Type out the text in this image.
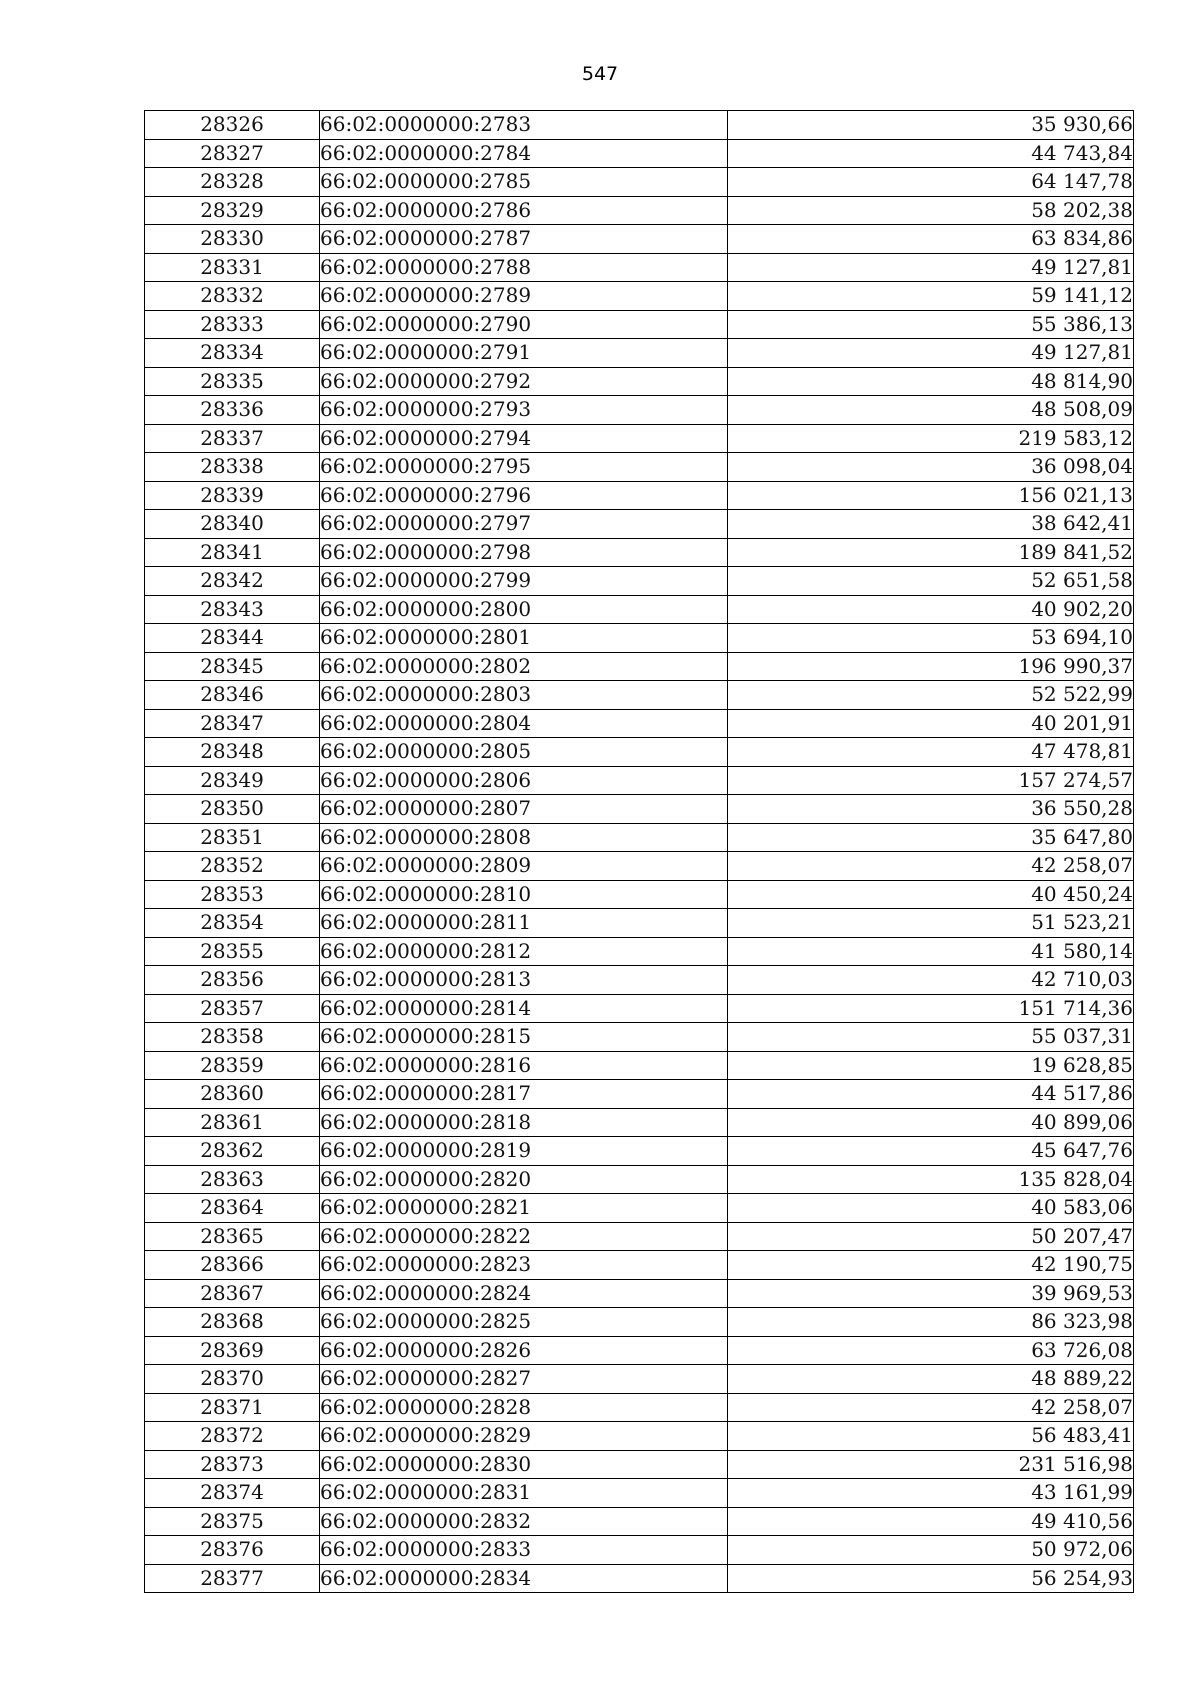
547
28326	66:02:0000000:2783	35 930,66
28327	66:02:0000000:2784	44 743,84
28328	66:02:0000000:2785	64 147,78
28329	66:02:0000000:2786	58 202,38
28330	66:02:0000000:2787	63 834,86
28331	66:02:0000000:2788	49 127,81
28332	66:02:0000000:2789	59 141,12
28333	66:02:0000000:2790	55 386,13
28334	66:02:0000000:2791	49 127,81
28335	66:02:0000000:2792	48 814,90
28336	66:02:0000000:2793	48 508,09
28337	66:02:0000000:2794	219 583,12
28338	66:02:0000000:2795	36 098,04
28339	66:02:0000000:2796	156 021,13
28340	66:02:0000000:2797	38 642,41
28341	66:02:0000000:2798	189 841,52
28342	66:02:0000000:2799	52 651,58
28343	66:02:0000000:2800	40 902,20
28344	66:02:0000000:2801	53 694,10
28345	66:02:0000000:2802	196 990,37
28346	66:02:0000000:2803	52 522,99
28347	66:02:0000000:2804	40 201,91
28348	66:02:0000000:2805	47 478,81
28349	66:02:0000000:2806	157 274,57
28350	66:02:0000000:2807	36 550,28
28351	66:02:0000000:2808	35 647,80
28352	66:02:0000000:2809	42 258,07
28353	66:02:0000000:2810	40 450,24
28354	66:02:0000000:2811	51 523,21
28355	66:02:0000000:2812	41 580,14
28356	66:02:0000000:2813	42 710,03
28357	66:02:0000000:2814	151 714,36
28358	66:02:0000000:2815	55 037,31
28359	66:02:0000000:2816	19 628,85
28360	66:02:0000000:2817	44 517,86
28361	66:02:0000000:2818	40 899,06
28362	66:02:0000000:2819	45 647,76
28363	66:02:0000000:2820	135 828,04
28364	66:02:0000000:2821	40 583,06
28365	66:02:0000000:2822	50 207,47
28366	66:02:0000000:2823	42 190,75
28367	66:02:0000000:2824	39 969,53
28368	66:02:0000000:2825	86 323,98
28369	66:02:0000000:2826	63 726,08
28370	66:02:0000000:2827	48 889,22
28371	66:02:0000000:2828	42 258,07
28372	66:02:0000000:2829	56 483,41
28373	66:02:0000000:2830	231 516,98
28374	66:02:0000000:2831	43 161,99
28375	66:02:0000000:2832	49 410,56
28376	66:02:0000000:2833	50 972,06
28377	66:02:0000000:2834	56 254,93
